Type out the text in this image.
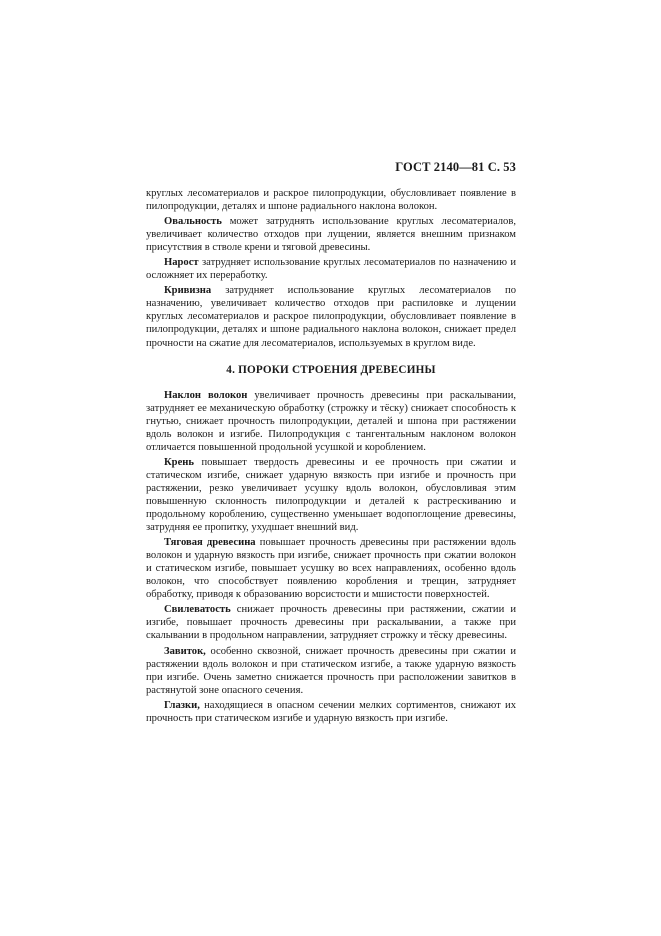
ГОСТ 2140—81 С. 53

круглых лесоматериалов и раскрое пилопродукции, обусловливает появление в пилопродукции, деталях и шпоне радиального наклона волокон.

Овальность может затруднять использование круглых лесоматериалов, увеличивает количество отходов при лущении, является внешним признаком присутствия в стволе крени и тяговой древесины.

Нарост затрудняет использование круглых лесоматериалов по назначению и осложняет их переработку.

Кривизна затрудняет использование круглых лесоматериалов по назначению, увеличивает количество отходов при распиловке и лущении круглых лесоматериалов и раскрое пилопродукции, обусловливает появление в пилопродукции, деталях и шпоне радиального наклона волокон, снижает предел прочности на сжатие для лесоматериалов, используемых в круглом виде.

4. ПОРОКИ СТРОЕНИЯ ДРЕВЕСИНЫ

Наклон волокон увеличивает прочность древесины при раскалывании, затрудняет ее механическую обработку (строжку и тёску) снижает способность к гнутью, снижает прочность пилопродукции, деталей и шпона при растяжении вдоль волокон и изгибе. Пилопродукция с тангентальным наклоном волокон отличается повышенной продольной усушкой и короблением.

Крень повышает твердость древесины и ее прочность при сжатии и статическом изгибе, снижает ударную вязкость при изгибе и прочность при растяжении, резко увеличивает усушку вдоль волокон, обусловливая этим повышенную склонность пилопродукции и деталей к растрескиванию и продольному короблению, существенно уменьшает водопоглощение древесины, затрудняя ее пропитку, ухудшает внешний вид.

Тяговая древесина повышает прочность древесины при растяжении вдоль волокон и ударную вязкость при изгибе, снижает прочность при сжатии волокон и статическом изгибе, повышает усушку во всех направлениях, особенно вдоль волокон, что способствует появлению коробления и трещин, затрудняет обработку, приводя к образованию ворсистости и мшистости поверхностей.

Свилеватость снижает прочность древесины при растяжении, сжатии и изгибе, повышает прочность древесины при раскалывании, а также при скалывании в продольном направлении, затрудняет строжку и тёску древесины.

Завиток, особенно сквозной, снижает прочность древесины при сжатии и растяжении вдоль волокон и при статическом изгибе, а также ударную вязкость при изгибе. Очень заметно снижается прочность при расположении завитков в растянутой зоне опасного сечения.

Глазки, находящиеся в опасном сечении мелких сортиментов, снижают их прочность при статическом изгибе и ударную вязкость при изгибе.
